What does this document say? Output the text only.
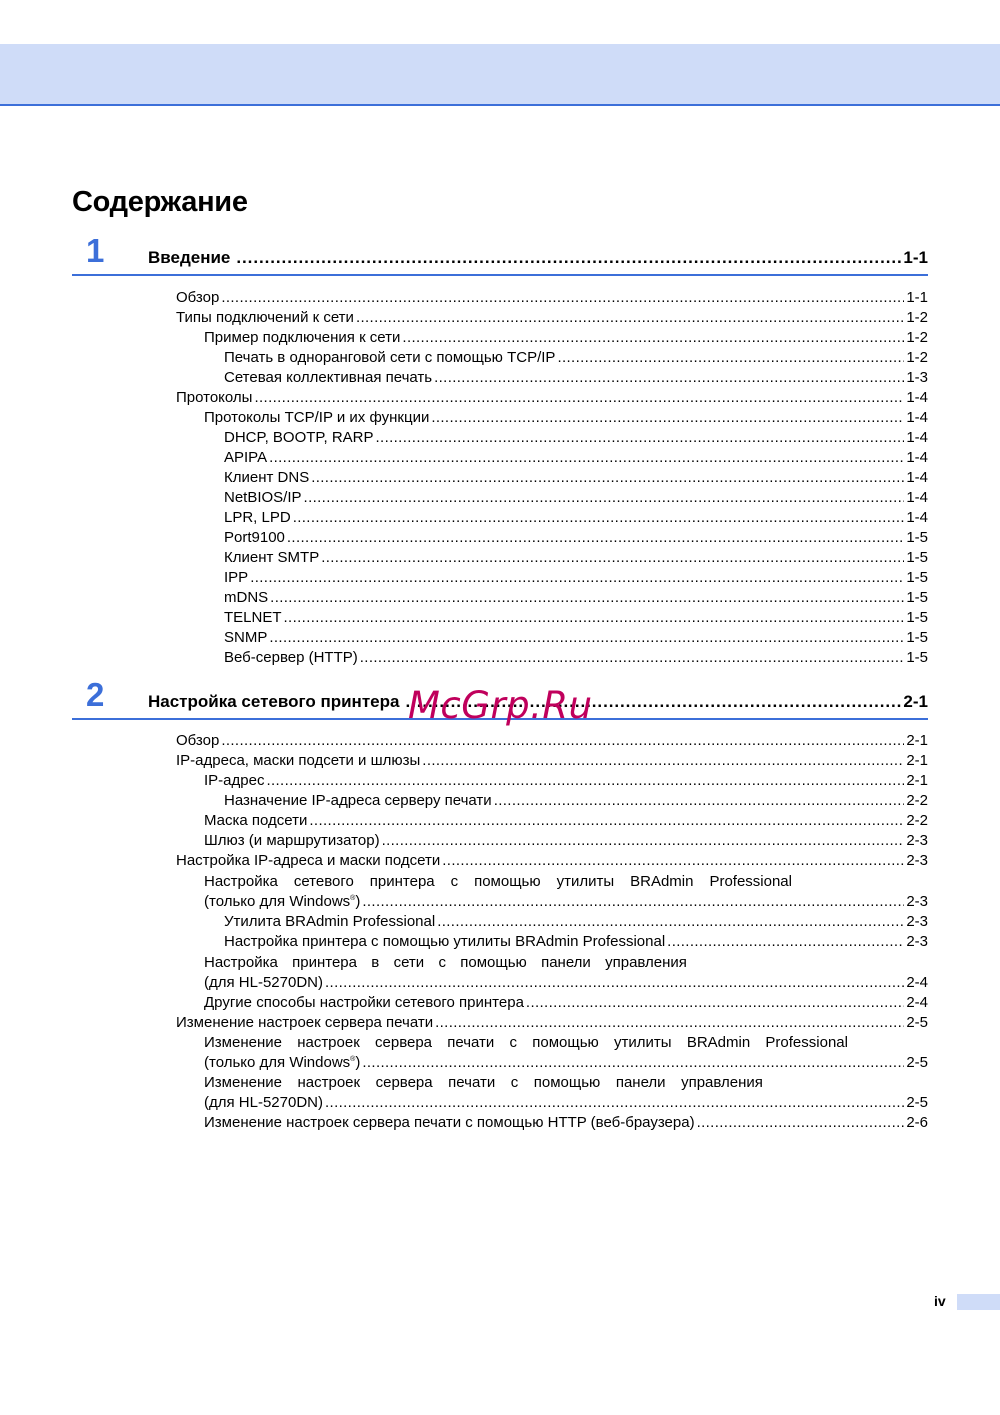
Содержание
1	Введение . . .	1-1
Обзор . . .	1-1
Типы подключений к сети . . .	1-2
Пример подключения к сети . . .	1-2
Печать в одноранговой сети с помощью TCP/IP . . .	1-2
Сетевая коллективная печать . . .	1-3
Протоколы . . .	1-4
Протоколы TCP/IP и их функции . . .	1-4
DHCP, BOOTP, RARP . . .	1-4
APIPA . . .	1-4
Клиент DNS . . .	1-4
NetBIOS/IP . . .	1-4
LPR, LPD . . .	1-4
Port9100 . . .	1-5
Клиент SMTP . . .	1-5
IPP . . .	1-5
mDNS . . .	1-5
TELNET . . .	1-5
SNMP . . .	1-5
Веб-сервер (HTTP) . . .	1-5
2	Настройка сетевого принтера . . .	2-1
Обзор . . .	2-1
IP-адреса, маски подсети и шлюзы . . .	2-1
IP-адрес . . .	2-1
Назначение IP-адреса серверу печати . . .	2-2
Маска подсети . . .	2-2
Шлюз (и маршрутизатор) . . .	2-3
Настройка IP-адреса и маски подсети . . .	2-3
Настройка сетевого принтера с помощью утилиты BRAdmin Professional
(только для Windows®) . . .	2-3
Утилита BRAdmin Professional . . .	2-3
Настройка принтера с помощью утилиты BRAdmin Professional . . .	2-3
Настройка принтера в сети с помощью панели управления
(для HL-5270DN) . . .	2-4
Другие способы настройки сетевого принтера . . .	2-4
Изменение настроек сервера печати . . .	2-5
Изменение настроек сервера печати с помощью утилиты BRAdmin Professional
(только для Windows®) . . .	2-5
Изменение настроек сервера печати с помощью панели управления
(для HL-5270DN) . . .	2-5
Изменение настроек сервера печати с помощью HTTP (веб-браузера) . . .	2-6
McGrp.Ru
iv
